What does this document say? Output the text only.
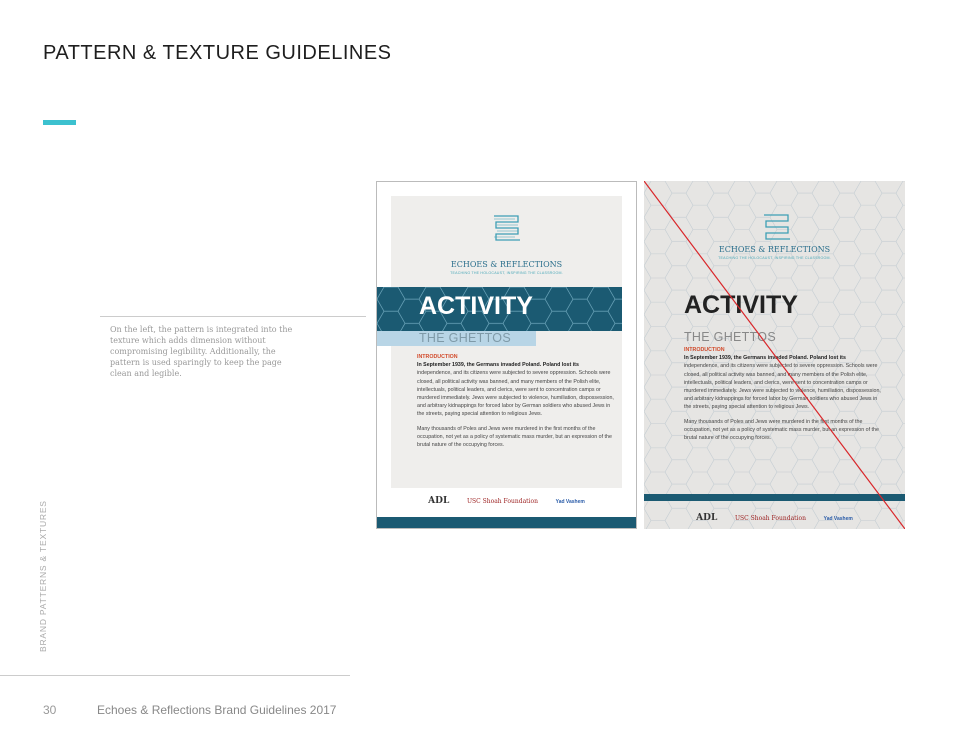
PATTERN & TEXTURE GUIDELINES
On the left, the pattern is integrated into the texture which adds dimension without compromising legibility. Additionally, the pattern is used sparingly to keep the page clean and legible.
BRAND PATTERNS & TEXTURES
30	Echoes & Reflections Brand Guidelines 2017
ECHOES & REFLECTIONS
TEACHING THE HOLOCAUST, INSPIRING THE CLASSROOM.
INTRODUCTION
In September 1939, the Germans invaded Poland. Poland lost its
independence, and its citizens were subjected to severe oppression. Schools were closed, all political activity was banned, and many members of the Polish elite, intellectuals, political leaders, and clerics, were sent to concentration camps or murdered immediately. Jews were subjected to violence, humiliation, dispossession, and arbitrary kidnappings for forced labor by German soldiers who abused Jews in the streets, paying special attention to religious Jews.
Many thousands of Poles and Jews were murdered in the first months of the occupation, not yet as a policy of systematic mass murder, but an expression of the brutal nature of the occupying forces.
ACTIVITY
THE GHETTOS
ADL	USC Shoah Foundation	Yad Vashem
ECHOES & REFLECTIONS
TEACHING THE HOLOCAUST, INSPIRING THE CLASSROOM.
ACTIVITY
THE GHETTOS
INTRODUCTION
In September 1939, the Germans invaded Poland. Poland lost its
independence, and its citizens were subjected to severe oppression. Schools were closed, all political activity was banned, and many members of the Polish elite, intellectuals, political leaders, and clerics, were sent to concentration camps or murdered immediately. Jews were subjected to violence, humiliation, dispossession, and arbitrary kidnappings for forced labor by German soldiers who abused Jews in the streets, paying special attention to religious Jews.
Many thousands of Poles and Jews were murdered in the first months of the occupation, not yet as a policy of systematic mass murder, but an expression of the brutal nature of the occupying forces.
ADL	USC Shoah Foundation	Yad Vashem
